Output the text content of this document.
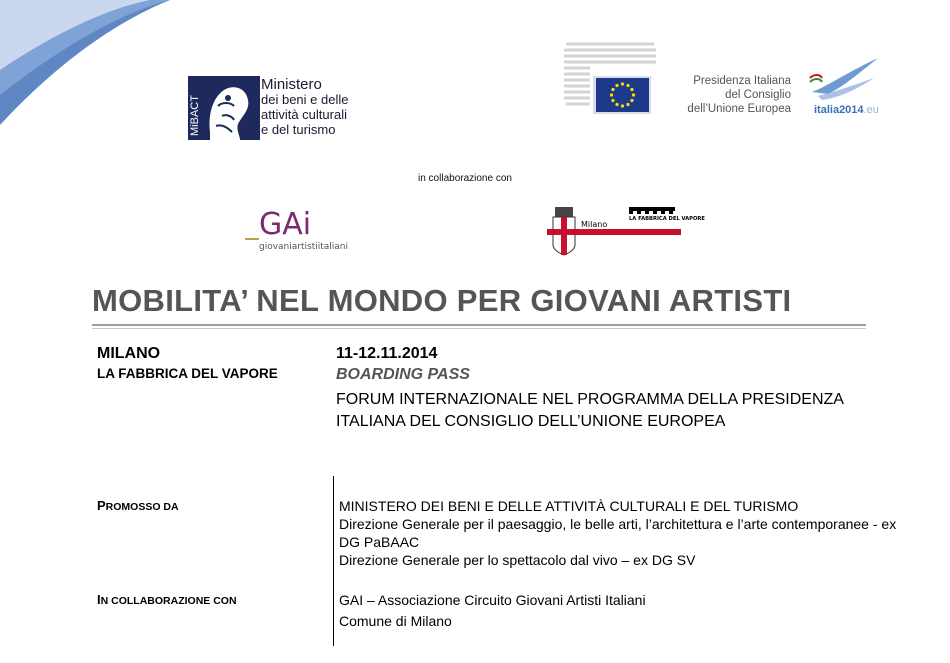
MiBACT
Ministero
dei beni e delle
attività culturali
e del turismo
Presidenza Italiana
del Consiglio
dell’Unione Europea italia2014.eu
in collaborazione con
GAi
giovaniartistiitaliani
Milano
LA FABBRICA DEL VAPORE
MOBILITA’ NEL MONDO PER GIOVANI ARTISTI
MILANO
LA FABBRICA DEL VAPORE
11-12.11.2014
BOARDING PASS
FORUM INTERNAZIONALE NEL PROGRAMMA DELLA PRESIDENZA ITALIANA DEL CONSIGLIO DELL’UNIONE EUROPEA
PROMOSSO DA	MINISTERO DEI BENI E DELLE ATTIVITÀ CULTURALI E DEL TURISMO
Direzione Generale per il paesaggio, le belle arti, l’architettura e l’arte contemporanee - ex DG PaBAAC
Direzione Generale per lo spettacolo dal vivo – ex DG SV
IN COLLABORAZIONE CON	GAI – Associazione Circuito Giovani Artisti Italiani
Comune di Milano
